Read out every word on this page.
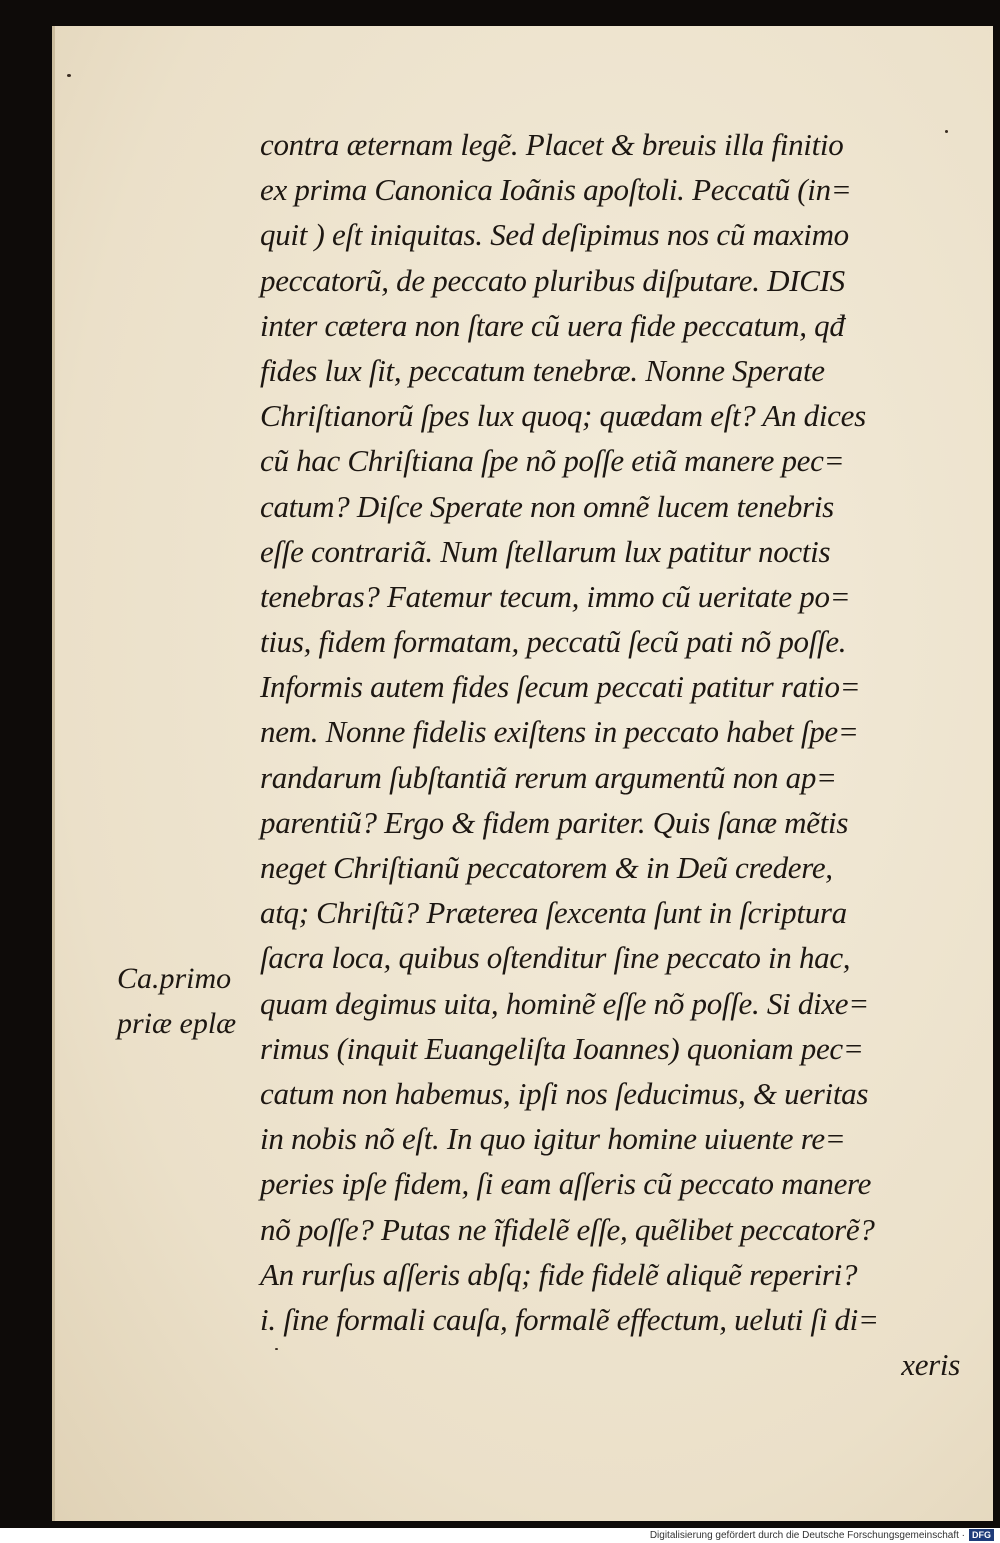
contra æternam legẽ. Placet & breuis illa finitio
ex prima Canonica Ioãnis apoſtoli. Peccatũ (in=
quit ) eſt iniquitas. Sed deſipimus nos cũ maximo
peccatorũ, de peccato pluribus diſputare. DICIS
inter cætera non ſtare cũ uera fide peccatum, qđ
fides lux ſit, peccatum tenebræ. Nonne Sperate
Chriſtianorũ ſpes lux quoq; quædam eſt? An dices
cũ hac Chriſtiana ſpe nõ poſſe etiã manere pec=
catum? Diſce Sperate non omnẽ lucem tenebris
eſſe contrariã. Num ſtellarum lux patitur noctis
tenebras? Fatemur tecum, immo cũ ueritate po=
tius, fidem formatam, peccatũ ſecũ pati nõ poſſe.
Informis autem fides ſecum peccati patitur ratio=
nem. Nonne fidelis exiſtens in peccato habet ſpe=
randarum ſubſtantiã rerum argumentũ non ap=
parentiũ? Ergo & fidem pariter. Quis ſanæ mẽtis
neget Chriſtianũ peccatorem & in Deũ credere,
atq; Chriſtũ? Præterea ſexcenta ſunt in ſcriptura
ſacra loca, quibus oſtenditur ſine peccato in hac,
quam degimus uita, hominẽ eſſe nõ poſſe. Si dixe=
rimus (inquit Euangeliſta Ioannes) quoniam pec=
catum non habemus, ipſi nos ſeducimus, & ueritas
in nobis nõ eſt. In quo igitur homine uiuente re=
peries ipſe fidem, ſi eam aſſeris cũ peccato manere
nõ poſſe? Putas ne ĩfidelẽ eſſe, quẽlibet peccatorẽ?
An rurſus aſſeris abſq; fide fidelẽ aliquẽ reperiri?
i. ſine formali cauſa, formalẽ effectum, ueluti ſi di=
xeris
Ca.primo
priæ eplæ
Digitalisierung gefördert durch die Deutsche Forschungsgemeinschaft · DFG
